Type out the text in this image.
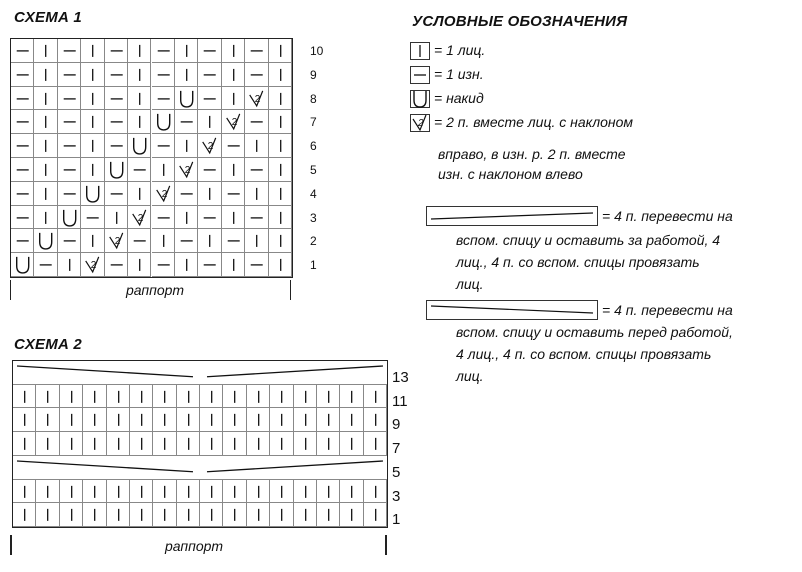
СХЕМА 1
2
2
2
2
2
2
2
2
10
9
8
7
6
5
4
3
2
1
раппорт
УСЛОВНЫЕ ОБОЗНАЧЕНИЯ
= 1 лиц.
= 1 изн.
= накид
2 = 2 п. вместе лиц. с наклоном
вправо, в изн. р. 2 п. вместе
изн. с наклоном влево
= 4 п. перевести на
вспом. спицу и оставить за работой, 4
лиц., 4 п. со вспом. спицы провязать
лиц.
= 4 п. перевести на
вспом. спицу и оставить перед работой,
4 лиц., 4 п. со вспом. спицы провязать
лиц.
СХЕМА 2
13
11
9
7
5
3
1
раппорт
